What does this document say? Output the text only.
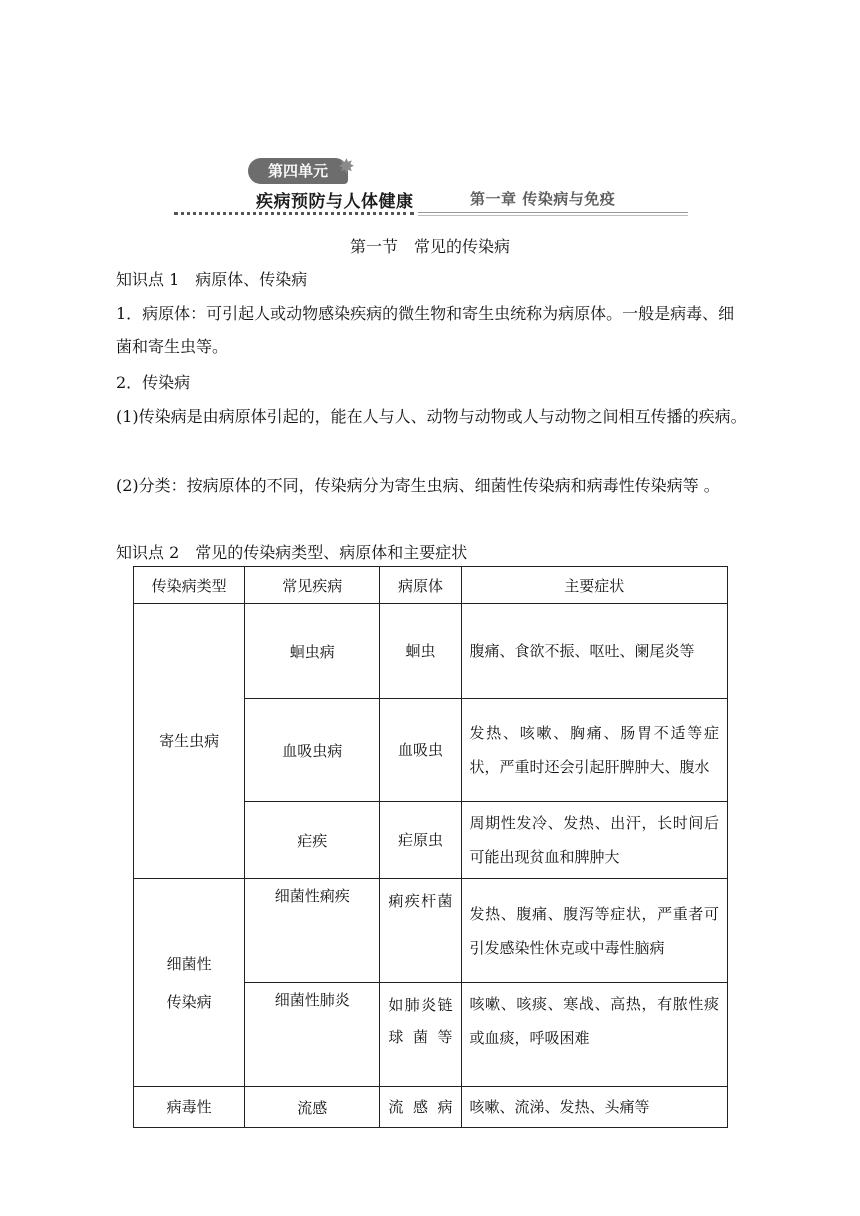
第四单元 ✸
疾病预防与人体健康	第一章 传染病与免疫
第一节　常见的传染病
知识点 1　病原体、传染病
1．病原体：可引起人或动物感染疾病的微生物和寄生虫统称为病原体。一般是病毒、细菌和寄生虫等。
2．传染病
(1)传染病是由病原体引起的，能在人与人、动物与动物或人与动物之间相互传播的疾病。
(2)分类：按病原体的不同，传染病分为寄生虫病、细菌性传染病和病毒性传染病等 。
知识点 2　常见的传染病类型、病原体和主要症状
传染病类型	常见疾病	病原体	主要症状
寄生虫病	蛔虫病	蛔虫	腹痛、食欲不振、呕吐、阑尾炎等
	血吸虫病	血吸虫	发热、咳嗽、胸痛、肠胃不适等症状，严重时还会引起肝脾肿大、腹水
	疟疾	疟原虫	周期性发冷、发热、出汗，长时间后可能出现贫血和脾肿大

细菌性
传染病	细菌性痢疾	痢疾杆菌	发热、腹痛、腹泻等症状，严重者可引发感染性休克或中毒性脑病
	细菌性肺炎	如肺炎链球菌等	咳嗽、咳痰、寒战、高热，有脓性痰或血痰，呼吸困难
病毒性	流感	流感病	咳嗽、流涕、发热、头痛等
